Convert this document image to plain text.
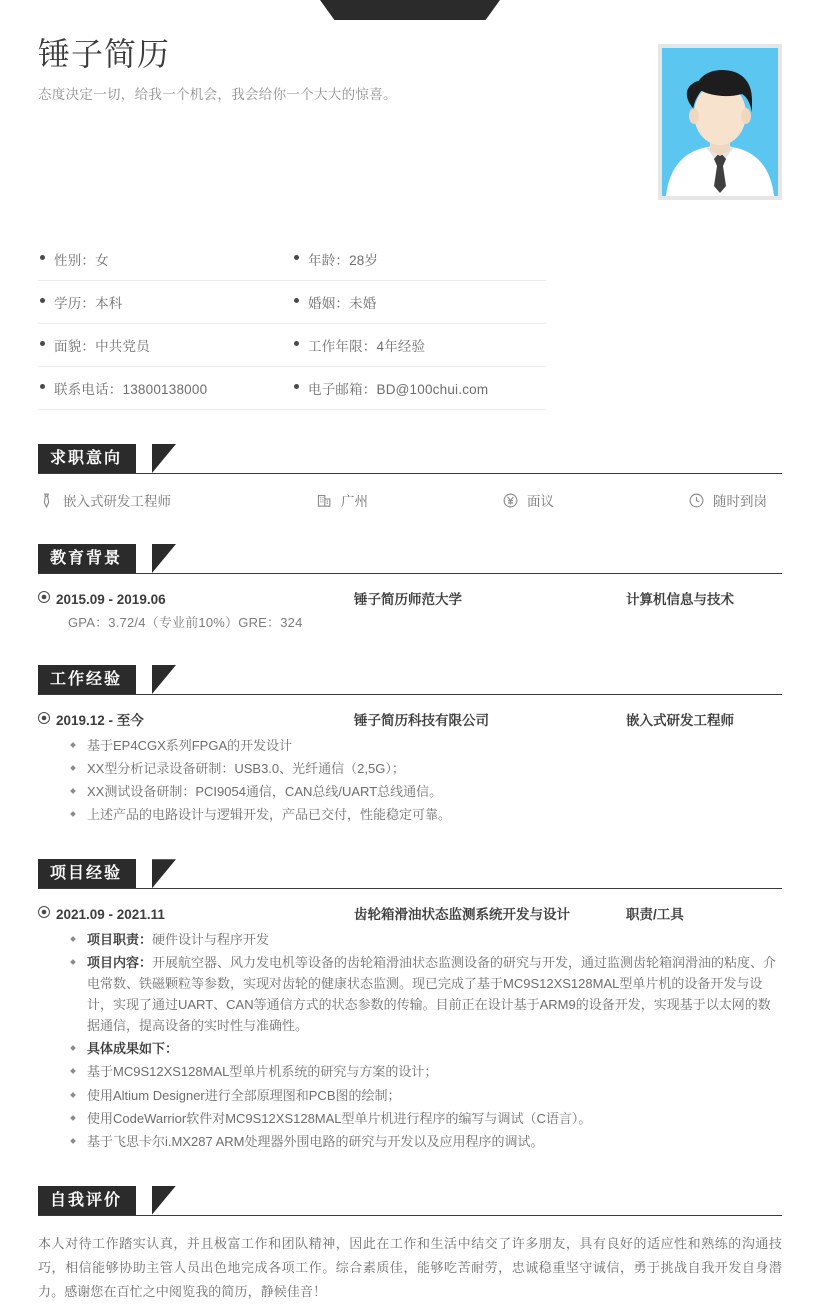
锤子简历

态度决定一切，给我一个机会，我会给你一个大大的惊喜。

性别：女	年龄：28岁
学历：本科	婚姻：未婚
面貌：中共党员	工作年限：4年经验
联系电话：13800138000	电子邮箱：BD@100chui.com
求职意向
嵌入式研发工程师	广州	面议	随时到岗
教育背景
2015.09 - 2019.06	锤子简历师范大学	计算机信息与技术
GPA：3.72/4（专业前10%）GRE：324
工作经验
2019.12 - 至今	锤子简历科技有限公司	嵌入式研发工程师
基于EP4CGX系列FPGA的开发设计
XX型分析记录设备研制：USB3.0、光纤通信（2,5G）；
XX测试设备研制：PCI9054通信，CAN总线/UART总线通信。
上述产品的电路设计与逻辑开发，产品已交付，性能稳定可靠。
项目经验
2021.09 - 2021.11	齿轮箱滑油状态监测系统开发与设计	职责/工具
项目职责：硬件设计与程序开发
项目内容：开展航空器、风力发电机等设备的齿轮箱滑油状态监测设备的研究与开发，通过监测齿轮箱润滑油的粘度、介电常数、铁磁颗粒等参数，实现对齿轮的健康状态监测。现已完成了基于MC9S12XS128MAL型单片机的设备开发与设计，实现了通过UART、CAN等通信方式的状态参数的传输。目前正在设计基于ARM9的设备开发，实现基于以太网的数据通信，提高设备的实时性与准确性。
具体成果如下：
基于MC9S12XS128MAL型单片机系统的研究与方案的设计；
使用Altium Designer进行全部原理图和PCB图的绘制；
使用CodeWarrior软件对MC9S12XS128MAL型单片机进行程序的编写与调试（C语言）。
基于飞思卡尔i.MX287 ARM处理器外围电路的研究与开发以及应用程序的调试。
自我评价

本人对待工作踏实认真，并且极富工作和团队精神，因此在工作和生活中结交了许多朋友，具有良好的适应性和熟练的沟通技巧，相信能够协助主管人员出色地完成各项工作。综合素质佳，能够吃苦耐劳，忠诚稳重坚守诚信，勇于挑战自我开发自身潜力。感谢您在百忙之中阅览我的简历，静候佳音！
